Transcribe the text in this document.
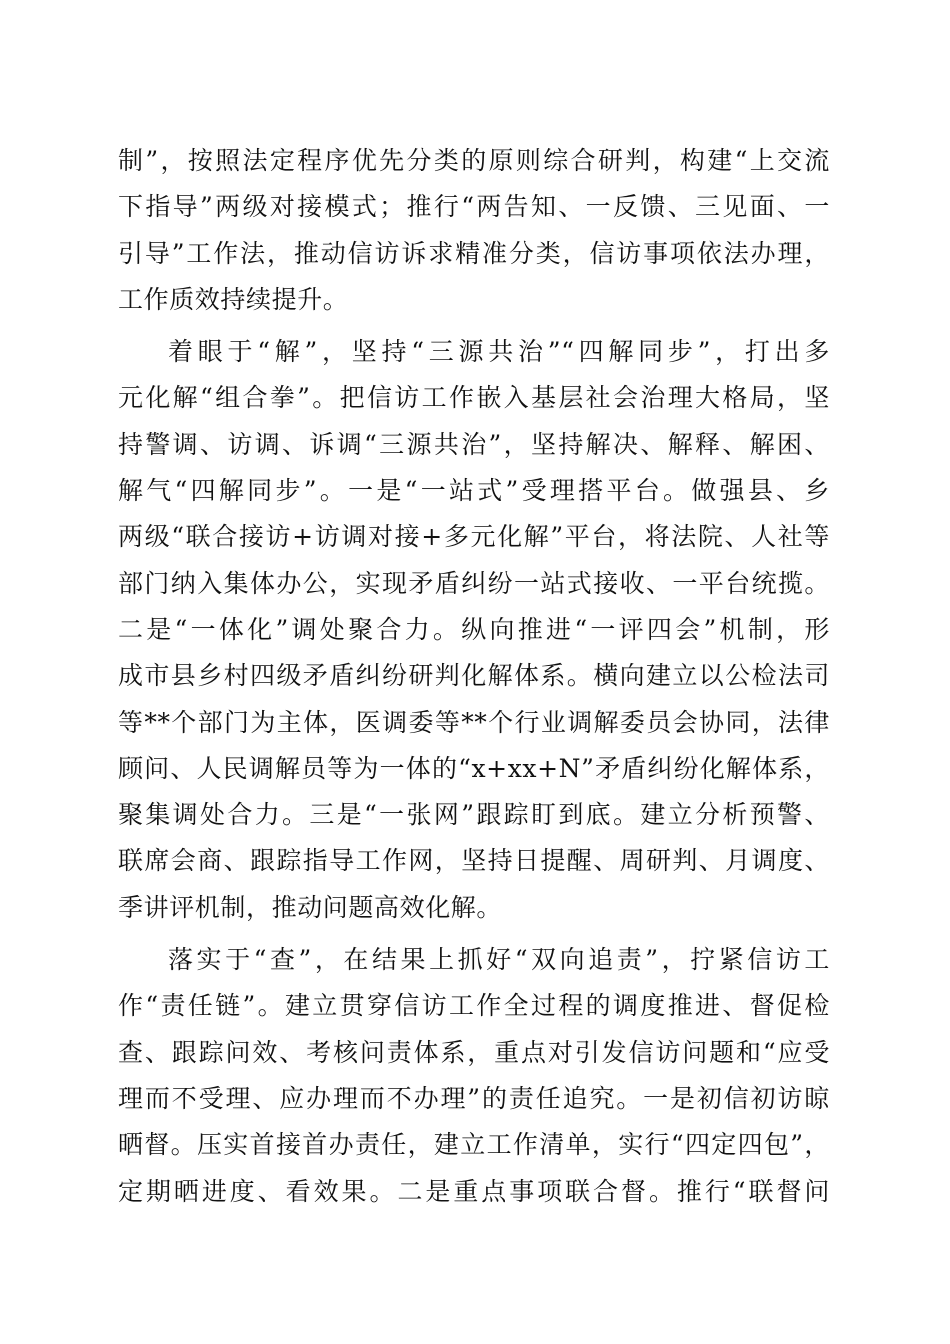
制”，按照法定程序优先分类的原则综合研判，构建“上交流
下指导”两级对接模式；推行“两告知、一反馈、三见面、一
引导”工作法，推动信访诉求精准分类，信访事项依法办理，
工作质效持续提升。
着眼于“解”，坚持“三源共治”“四解同步”，打出多
元化解“组合拳”。把信访工作嵌入基层社会治理大格局，坚
持警调、访调、诉调“三源共治”，坚持解决、解释、解困、
解气“四解同步”。一是“一站式”受理搭平台。做强县、乡
两级“联合接访+访调对接+多元化解”平台，将法院、人社等
部门纳入集体办公，实现矛盾纠纷一站式接收、一平台统揽。
二是“一体化”调处聚合力。纵向推进“一评四会”机制，形
成市县乡村四级矛盾纠纷研判化解体系。横向建立以公检法司
等**个部门为主体，医调委等**个行业调解委员会协同，法律
顾问、人民调解员等为一体的“x+xx+N”矛盾纠纷化解体系，
聚集调处合力。三是“一张网”跟踪盯到底。建立分析预警、
联席会商、跟踪指导工作网，坚持日提醒、周研判、月调度、
季讲评机制，推动问题高效化解。
落实于“查”，在结果上抓好“双向追责”，拧紧信访工
作“责任链”。建立贯穿信访工作全过程的调度推进、督促检
查、跟踪问效、考核问责体系，重点对引发信访问题和“应受
理而不受理、应办理而不办理”的责任追究。一是初信初访晾
晒督。压实首接首办责任，建立工作清单，实行“四定四包”，
定期晒进度、看效果。二是重点事项联合督。推行“联督问
